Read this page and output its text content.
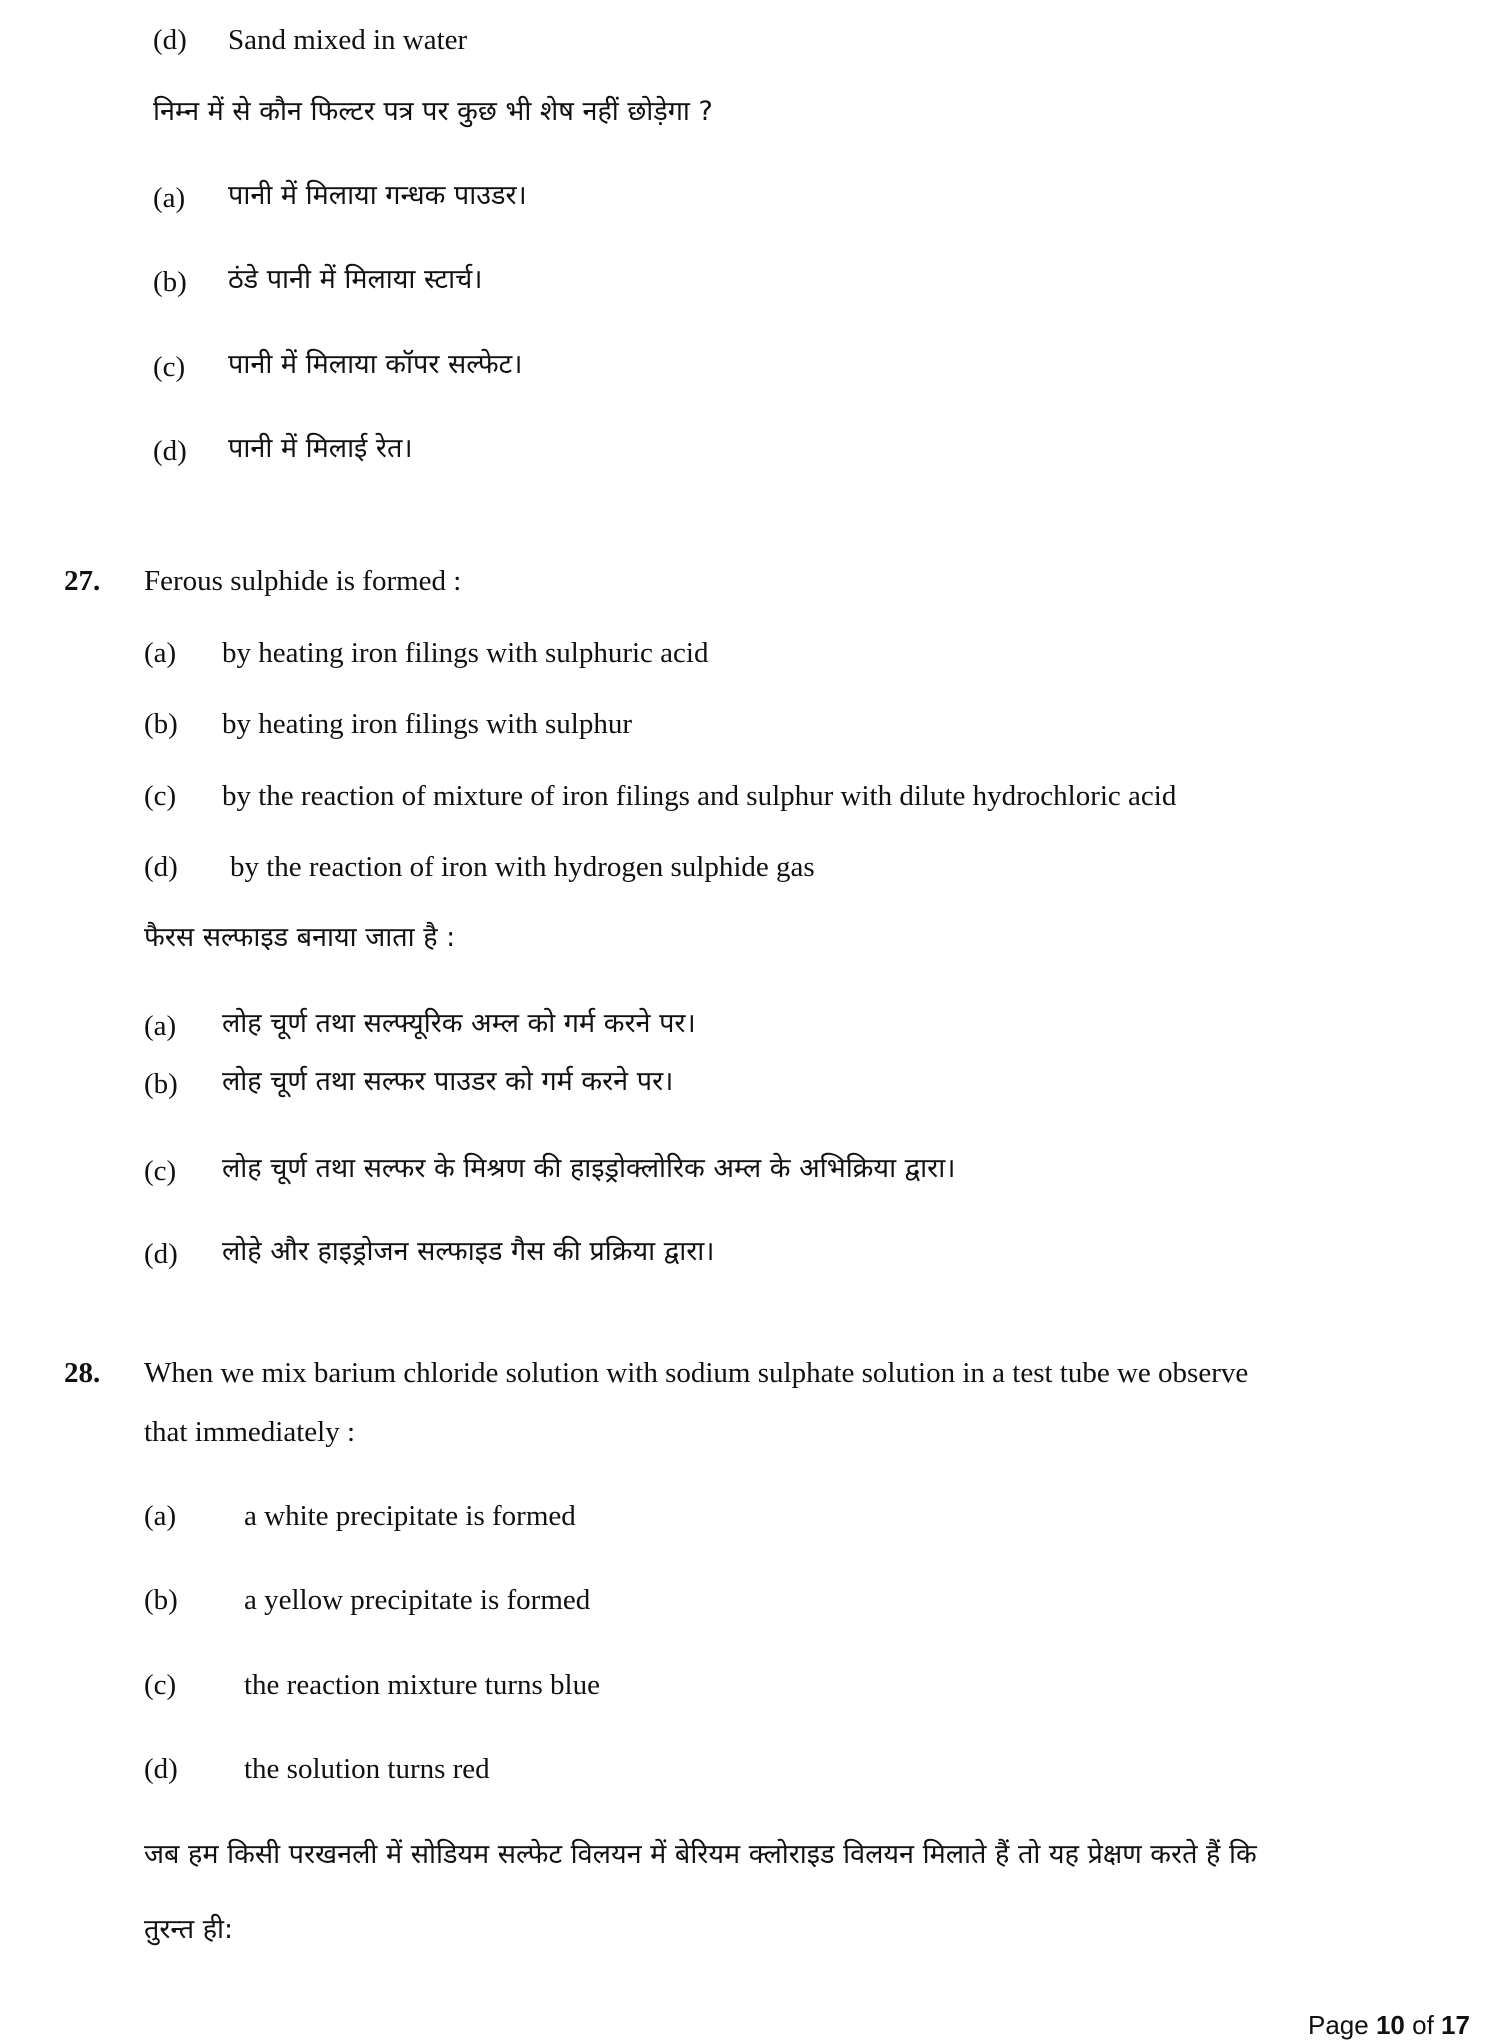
(d) Sand mixed in water
निम्न में से कौन फिल्टर पत्र पर कुछ भी शेष नहीं छोड़ेगा ?
(a) पानी में मिलाया गन्धक पाउडर।
(b) ठंडे पानी में मिलाया स्टार्च।
(c) पानी में मिलाया कॉपर सल्फेट।
(d) पानी में मिलाई रेत।
27. Ferous sulphide is formed :
(a) by heating iron filings with sulphuric acid
(b) by heating iron filings with sulphur
(c) by the reaction of mixture of iron filings and sulphur with dilute hydrochloric acid
(d) by the reaction of iron with hydrogen sulphide gas
फैरस सल्फाइड बनाया जाता है :
(a) लोह चूर्ण तथा सल्फ्यूरिक अम्ल को गर्म करने पर।
(b) लोह चूर्ण तथा सल्फर पाउडर को गर्म करने पर।
(c) लोह चूर्ण तथा सल्फर के मिश्रण की हाइड्रोक्लोरिक अम्ल के अभिक्रिया द्वारा।
(d) लोहे और हाइड्रोजन सल्फाइड गैस की प्रक्रिया द्वारा।
28. When we mix barium chloride solution with sodium sulphate solution in a test tube we observe
that immediately :
(a) a white precipitate is formed
(b) a yellow precipitate is formed
(c) the reaction mixture turns blue
(d) the solution turns red
जब हम किसी परखनली में सोडियम सल्फेट विलयन में बेरियम क्लोराइड विलयन मिलाते हैं तो यह प्रेक्षण करते हैं कि
तुरन्त ही:
Page 10 of 17
